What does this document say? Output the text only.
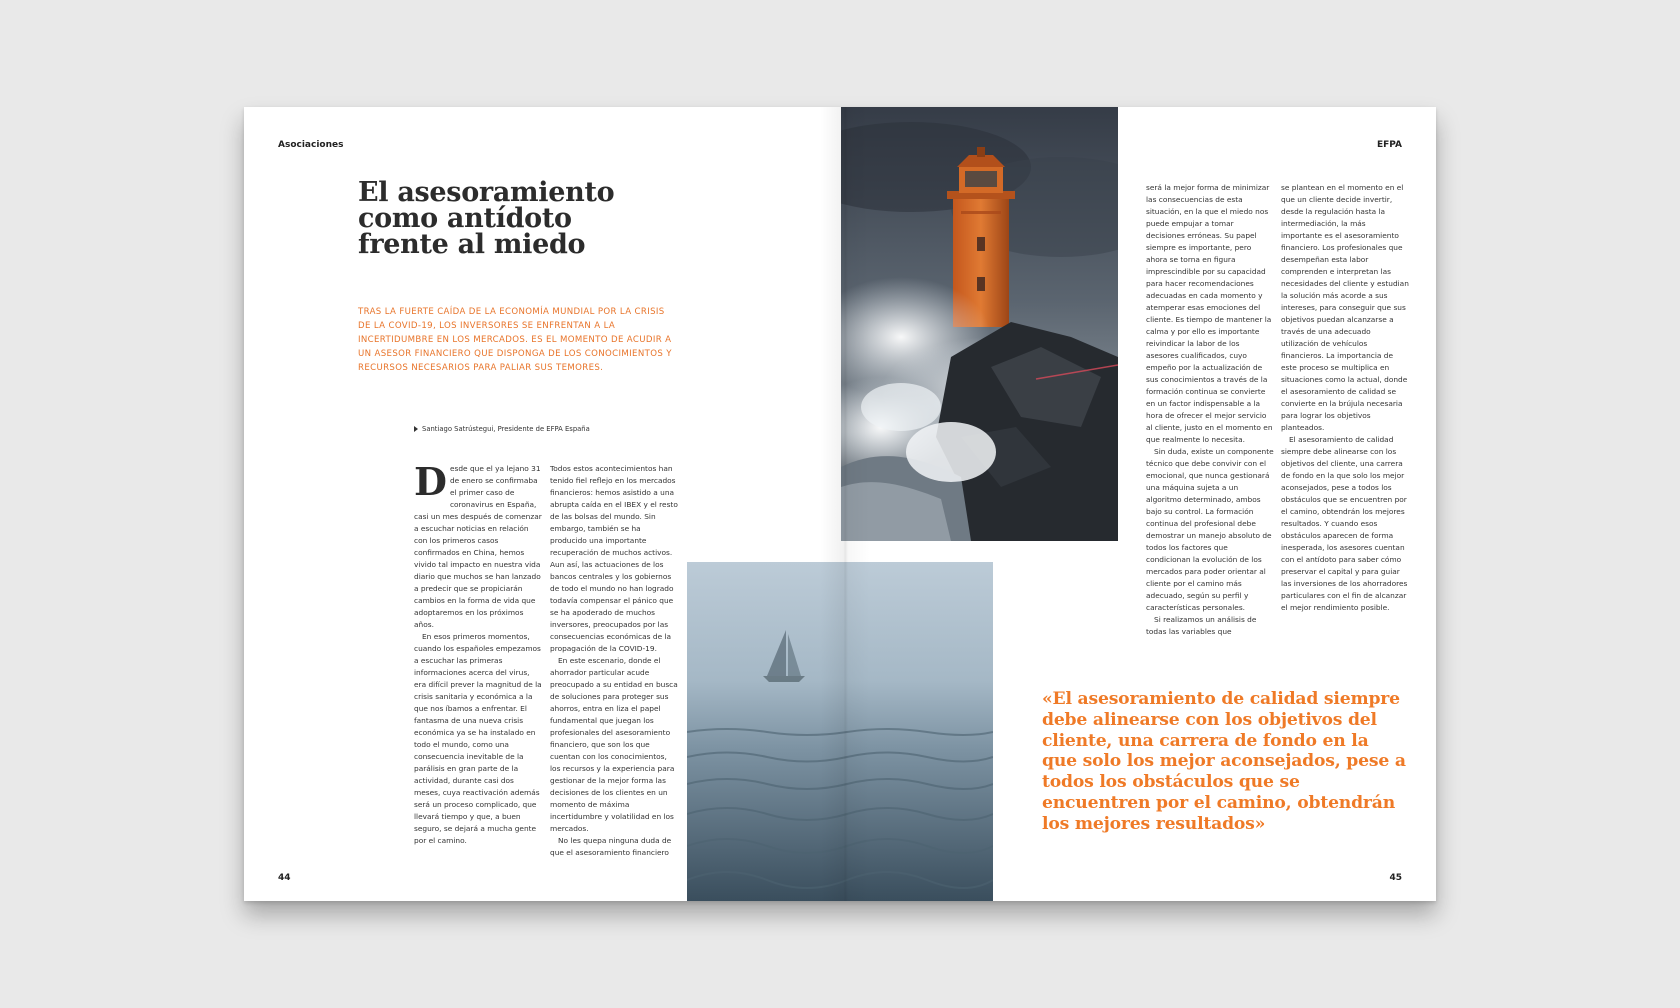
Asociaciones	EFPA
El asesoramiento
como antídoto
frente al miedo

TRAS LA FUERTE CAÍDA DE LA ECONOMÍA MUNDIAL POR LA CRISIS DE LA COVID-19, LOS INVERSORES SE ENFRENTAN A LA INCERTIDUMBRE EN LOS MERCADOS. ES EL MOMENTO DE ACUDIR A UN ASESOR FINANCIERO QUE DISPONGA DE LOS CONOCIMIENTOS Y RECURSOS NECESARIOS PARA PALIAR SUS TEMORES.

Santiago Satrústegui, Presidente de EFPA España
D esde que el ya lejano 31 de enero se confirmaba el primer caso de coronavirus en España, casi un mes después de comenzar a escuchar noticias en relación con los primeros casos confirmados en China, hemos vivido tal impacto en nuestra vida diario que muchos se han lanzado a predecir que se propiciarán cambios en la forma de vida que adoptaremos en los próximos años.

En esos primeros momentos, cuando los españoles empezamos a escuchar las primeras informaciones acerca del virus, era difícil prever la magnitud de la crisis sanitaria y económica a la que nos íbamos a enfrentar. El fantasma de una nueva crisis económica ya se ha instalado en todo el mundo, como una consecuencia inevitable de la parálisis en gran parte de la actividad, durante casi dos meses, cuya reactivación además será un proceso complicado, que llevará tiempo y que, a buen seguro, se dejará a mucha gente por el camino.

Todos estos acontecimientos han tenido fiel reflejo en los mercados financieros: hemos asistido a una abrupta caída en el IBEX y el resto de las bolsas del mundo. Sin embargo, también se ha producido una importante recuperación de muchos activos. Aun así, las actuaciones de los bancos centrales y los gobiernos de todo el mundo no han logrado todavía compensar el pánico que se ha apoderado de muchos inversores, preocupados por las consecuencias económicas de la propagación de la COVID-19.

En este escenario, donde el ahorrador particular acude preocupado a su entidad en busca de soluciones para proteger sus ahorros, entra en liza el papel fundamental que juegan los profesionales del asesoramiento financiero, que son los que cuentan con los conocimientos, los recursos y la experiencia para gestionar de la mejor forma las decisiones de los clientes en un momento de máxima incertidumbre y volatilidad en los mercados.

No les quepa ninguna duda de que el asesoramiento financiero

será la mejor forma de minimizar las consecuencias de esta situación, en la que el miedo nos puede empujar a tomar decisiones erróneas. Su papel siempre es importante, pero ahora se torna en figura imprescindible por su capacidad para hacer recomendaciones adecuadas en cada momento y atemperar esas emociones del cliente. Es tiempo de mantener la calma y por ello es importante reivindicar la labor de los asesores cualificados, cuyo empeño por la actualización de sus conocimientos a través de la formación continua se convierte en un factor indispensable a la hora de ofrecer el mejor servicio al cliente, justo en el momento en que realmente lo necesita.

Sin duda, existe un componente técnico que debe convivir con el emocional, que nunca gestionará una máquina sujeta a un algoritmo determinado, ambos bajo su control. La formación continua del profesional debe demostrar un manejo absoluto de todos los factores que condicionan la evolución de los mercados para poder orientar al cliente por el camino más adecuado, según su perfil y características personales.

Si realizamos un análisis de todas las variables que

se plantean en el momento en el que un cliente decide invertir, desde la regulación hasta la intermediación, la más importante es el asesoramiento financiero. Los profesionales que desempeñan esta labor comprenden e interpretan las necesidades del cliente y estudian la solución más acorde a sus intereses, para conseguir que sus objetivos puedan alcanzarse a través de una adecuado utilización de vehículos financieros. La importancia de este proceso se multiplica en situaciones como la actual, donde el asesoramiento de calidad se convierte en la brújula necesaria para lograr los objetivos planteados.

El asesoramiento de calidad siempre debe alinearse con los objetivos del cliente, una carrera de fondo en la que solo los mejor aconsejados, pese a todos los obstáculos que se encuentren por el camino, obtendrán los mejores resultados. Y cuando esos obstáculos aparecen de forma inesperada, los asesores cuentan con el antídoto para saber cómo preservar el capital y para guiar las inversiones de los ahorradores particulares con el fin de alcanzar el mejor rendimiento posible.

«El asesoramiento de calidad siempre debe alinearse con los objetivos del cliente, una carrera de fondo en la que solo los mejor aconsejados, pese a todos los obstáculos que se encuentren por el camino, obtendrán los mejores resultados»

44	45
